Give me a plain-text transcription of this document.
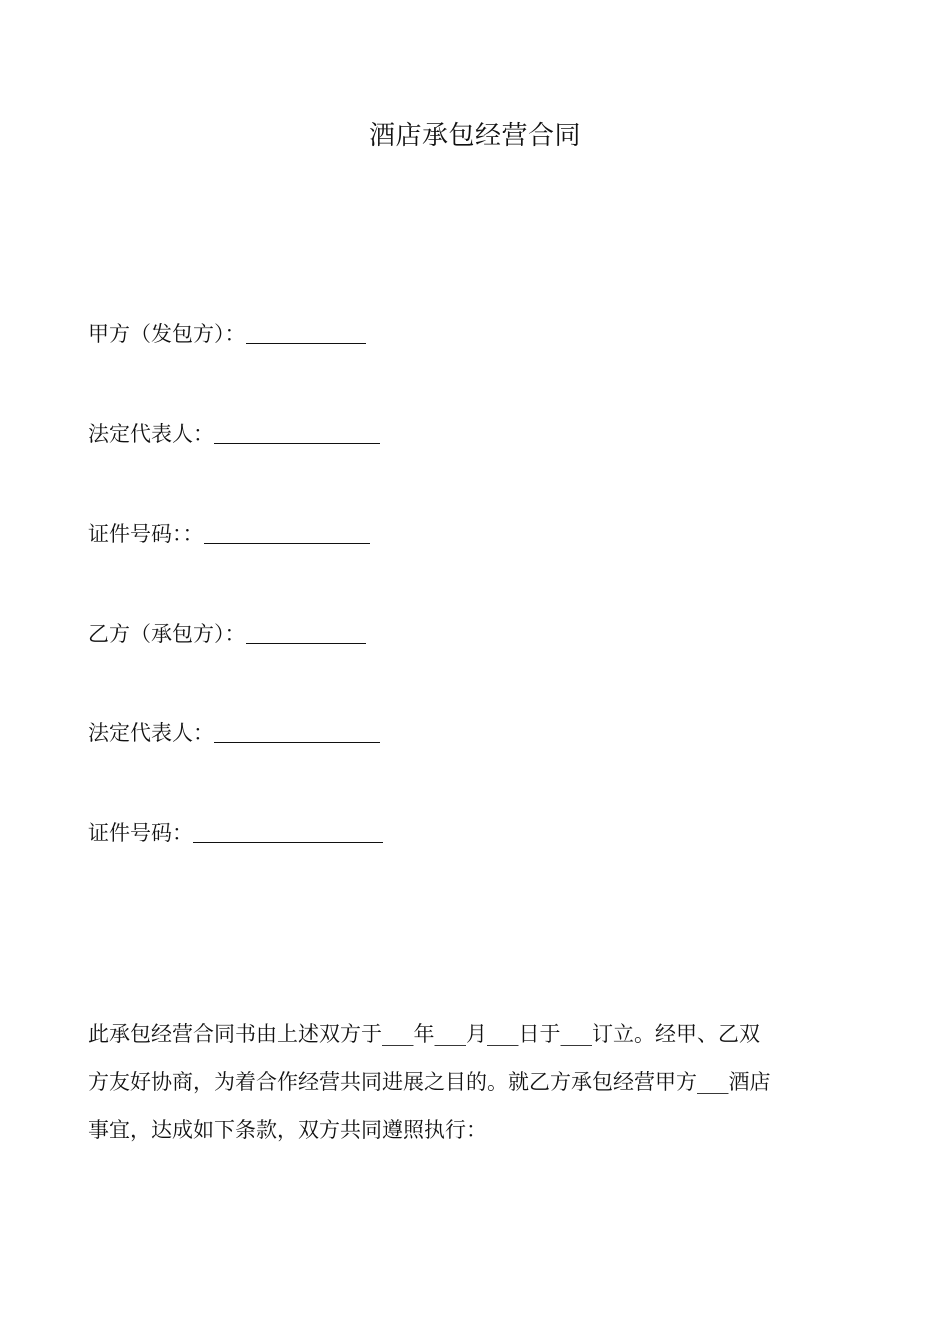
酒店承包经营合同
甲方（发包方）：
法定代表人：
证件号码：：
乙方（承包方）：
法定代表人：
证件号码：
此承包经营合同书由上述双方于___年___月___日于___订立。经甲、乙双
方友好协商，为着合作经营共同进展之目的。就乙方承包经营甲方___酒店
事宜，达成如下条款，双方共同遵照执行：
